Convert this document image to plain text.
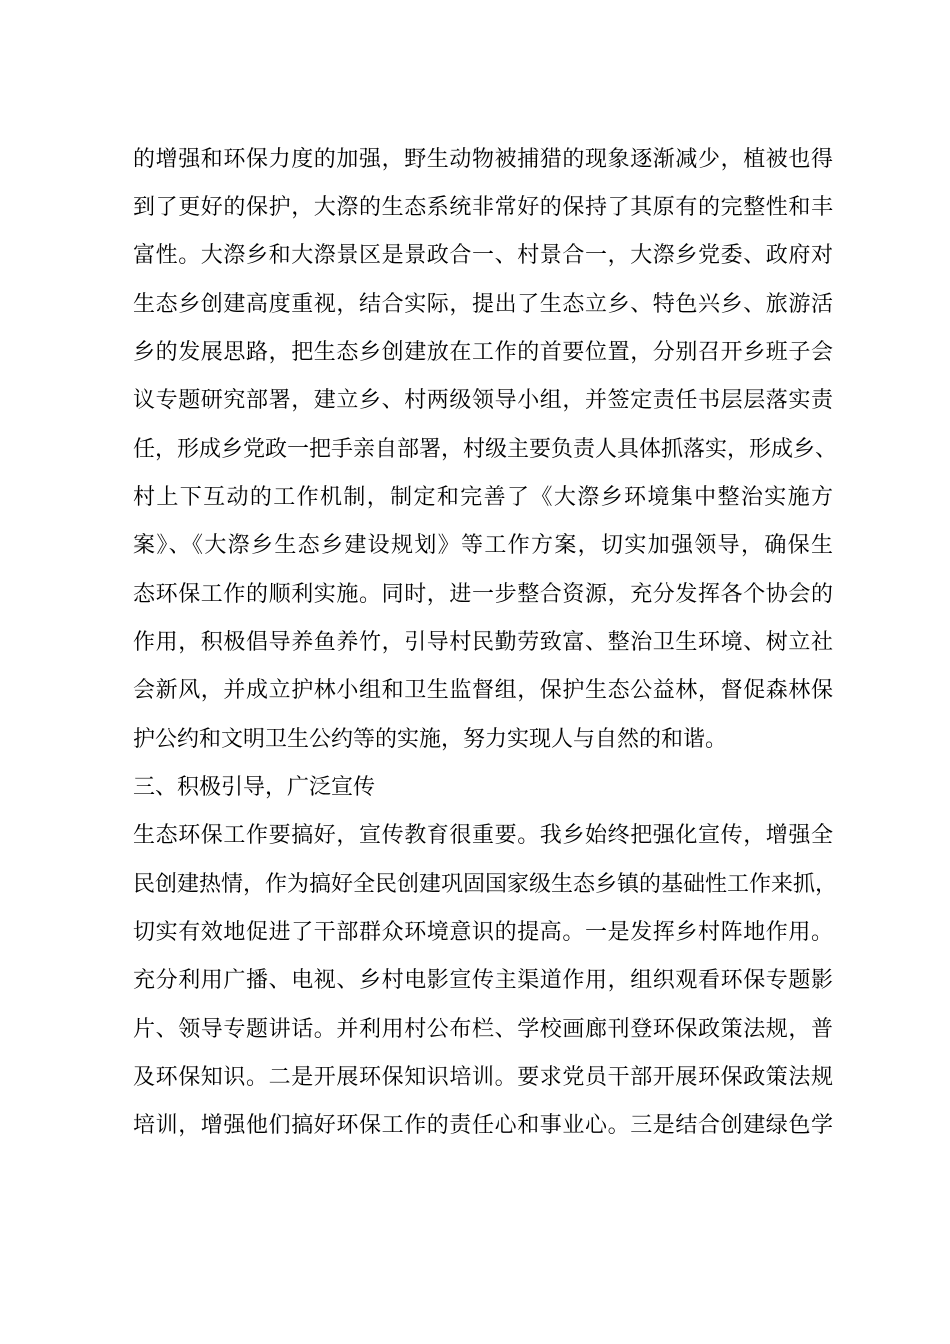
的增强和环保力度的加强，野生动物被捕猎的现象逐渐减少，植被也得
到了更好的保护，大漈的生态系统非常好的保持了其原有的完整性和丰
富性。大漈乡和大漈景区是景政合一、村景合一，大漈乡党委、政府对
生态乡创建高度重视，结合实际，提出了生态立乡、特色兴乡、旅游活
乡的发展思路，把生态乡创建放在工作的首要位置，分别召开乡班子会
议专题研究部署，建立乡、村两级领导小组，并签定责任书层层落实责
任，形成乡党政一把手亲自部署，村级主要负责人具体抓落实，形成乡、
村上下互动的工作机制，制定和完善了《大漈乡环境集中整治实施方
案》、《大漈乡生态乡建设规划》等工作方案，切实加强领导，确保生
态环保工作的顺利实施。同时，进一步整合资源，充分发挥各个协会的
作用，积极倡导养鱼养竹，引导村民勤劳致富、整治卫生环境、树立社
会新风，并成立护林小组和卫生监督组，保护生态公益林，督促森林保
护公约和文明卫生公约等的实施，努力实现人与自然的和谐。
三、积极引导，广泛宣传
生态环保工作要搞好，宣传教育很重要。我乡始终把强化宣传，增强全
民创建热情，作为搞好全民创建巩固国家级生态乡镇的基础性工作来抓，
切实有效地促进了干部群众环境意识的提高。一是发挥乡村阵地作用。
充分利用广播、电视、乡村电影宣传主渠道作用，组织观看环保专题影
片、领导专题讲话。并利用村公布栏、学校画廊刊登环保政策法规，普
及环保知识。二是开展环保知识培训。要求党员干部开展环保政策法规
培训，增强他们搞好环保工作的责任心和事业心。三是结合创建绿色学
